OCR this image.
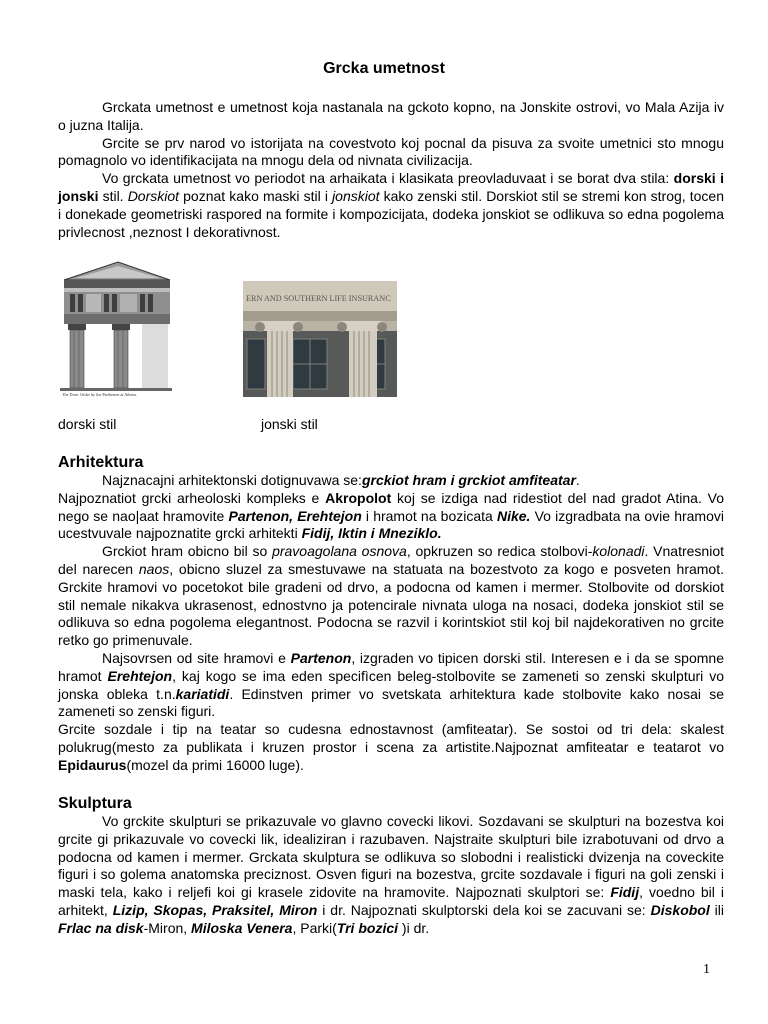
Grcka umetnost

Grckata umetnost e umetnost koja nastanala na gckoto kopno, na Jonskite ostrovi, vo Mala Azija iv o juzna Italija.

Grcite se prv narod vo istorijata na covestvoto koj pocnal da pisuva za svoite umetnici sto mnogu pomagnolo vo identifikacijata na mnogu dela od nivnata civilizacija.

Vo grckata umetnost vo periodot na arhaikata i klasikata preovladuvaat i se borat dva stila: dorski i jonski stil. Dorskiot poznat kako maski stil i jonskiot kako zenski stil. Dorskiot stil se stremi kon strog, tocen i donekade geometriski raspored na formite i kompozicijata, dodeka jonskiot se odlikuva so edna pogolema privlecnost ,neznost I dekorativnost.

The Doric Order by the Parthenon at Athens.
ERN AND SOUTHERN LIFE INSURANC
dorski stil	jonski stil
Arhitektura

Najznacajni arhitektonski dotignuvawa se:grckiot hram i grckiot amfiteatar.

Najpoznatiot grcki arheoloski kompleks e Akropolot koj se izdiga nad ridestiot del nad gradot Atina. Vo nego se nao|aat hramovite Partenon, Erehtejon i hramot na bozicata Nike. Vo izgradbata na ovie hramovi ucestvuvale najpoznatite grcki arhitekti Fidij, Iktin i Mneziklo.

Grckiot hram obicno bil so pravoagolana osnova, opkruzen so redica stolbovi-kolonadi. Vnatresniot del narecen naos, obicno sluzel za smestuvawe na statuata na bozestvoto za kogo e posveten hramot. Grckite hramovi vo pocetokot bile gradeni od drvo, a podocna od kamen i mermer. Stolbovite od dorskiot stil nemale nikakva ukrasenost, ednostvno ja potencirale nivnata uloga na nosaci, dodeka jonskiot stil se odlikuva so edna pogolema elegantnost. Podocna se razvil i korintskiot stil koj bil najdekorativen no grcite retko go primenuvale.

Najsovrsen od site hramovi e Partenon, izgraden vo tipicen dorski stil. Interesen e i da se spomne hramot Erehtejon, kaj kogo se ima eden specifìcen beleg-stolbovite se zameneti so zenski skulpturi vo jonska obleka t.n.kariatidi. Edinstven primer vo svetskata arhitektura kade stolbovite kako nosai se zameneti so zenski figuri.

Grcite sozdale i tip na teatar so cudesna ednostavnost (amfiteatar). Se sostoi od tri dela: skalest polukrug(mesto za publikata i kruzen prostor i scena za artistite.Najpoznat amfiteatar e teatarot vo Epidaurus(mozel da primi 16000 luge).

Skulptura

Vo grckite skulpturi se prikazuvale vo glavno covecki likovi. Sozdavani se skulpturi na bozestva koi grcite gi prikazuvale vo covecki lik, idealiziran i razubaven. Najstraite skulpturi bile izrabotuvani od drvo a podocna od kamen i mermer. Grckata skulptura se odlikuva so slobodni i realisticki dvizenja na coveckite figuri i so golema anatomska preciznost. Osven figuri na bozestva, grcite sozdavale i figuri na goli zenski i maski tela, kako i reljefi koi gi krasele zidovite na hramovite. Najpoznati skulptori se: Fidij, voedno bil i arhitekt, Lizip, Skopas, Praksitel, Miron i dr. Najpoznati skulptorski dela koi se zacuvani se: Diskobol ili Frlac na disk-Miron, Miloska Venera, Parki(Tri bozici )i dr.

1
